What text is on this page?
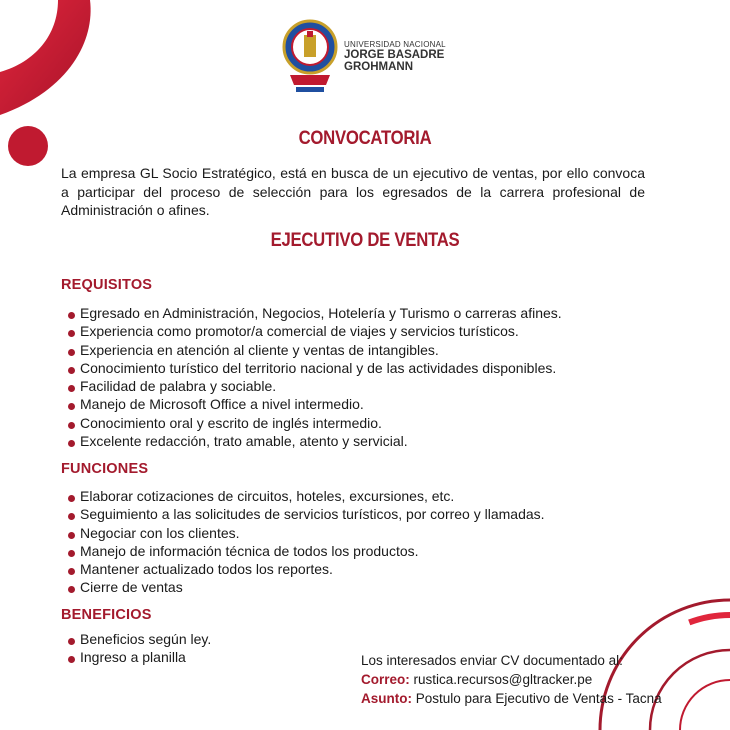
UNIVERSIDAD NACIONAL
JORGE BASADRE
GROHMANN
CONVOCATORIA

La empresa GL Socio Estratégico, está en busca de un ejecutivo de ventas, por ello convoca a participar del proceso de selección para los egresados de la carrera profesional de Administración o afines.

EJECUTIVO DE VENTAS
REQUISITOS
Egresado en Administración, Negocios, Hotelería y Turismo o carreras afines.
Experiencia como promotor/a comercial de viajes y servicios turísticos.
Experiencia en atención al cliente y ventas de intangibles.
Conocimiento turístico del territorio nacional y de las actividades disponibles.
Facilidad de palabra y sociable.
Manejo de Microsoft Office a nivel intermedio.
Conocimiento oral y escrito de inglés intermedio.
Excelente redacción, trato amable, atento y servicial.
FUNCIONES
Elaborar cotizaciones de circuitos, hoteles, excursiones, etc.
Seguimiento a las solicitudes de servicios turísticos, por correo y llamadas.
Negociar con los clientes.
Manejo de información técnica de todos los productos.
Mantener actualizado todos los reportes.
Cierre de ventas
BENEFICIOS
Beneficios según ley.
Ingreso a planilla	Los interesados enviar CV documentado al:
Correo: rustica.recursos@gltracker.pe
Asunto: Postulo para Ejecutivo de Ventas - Tacna
